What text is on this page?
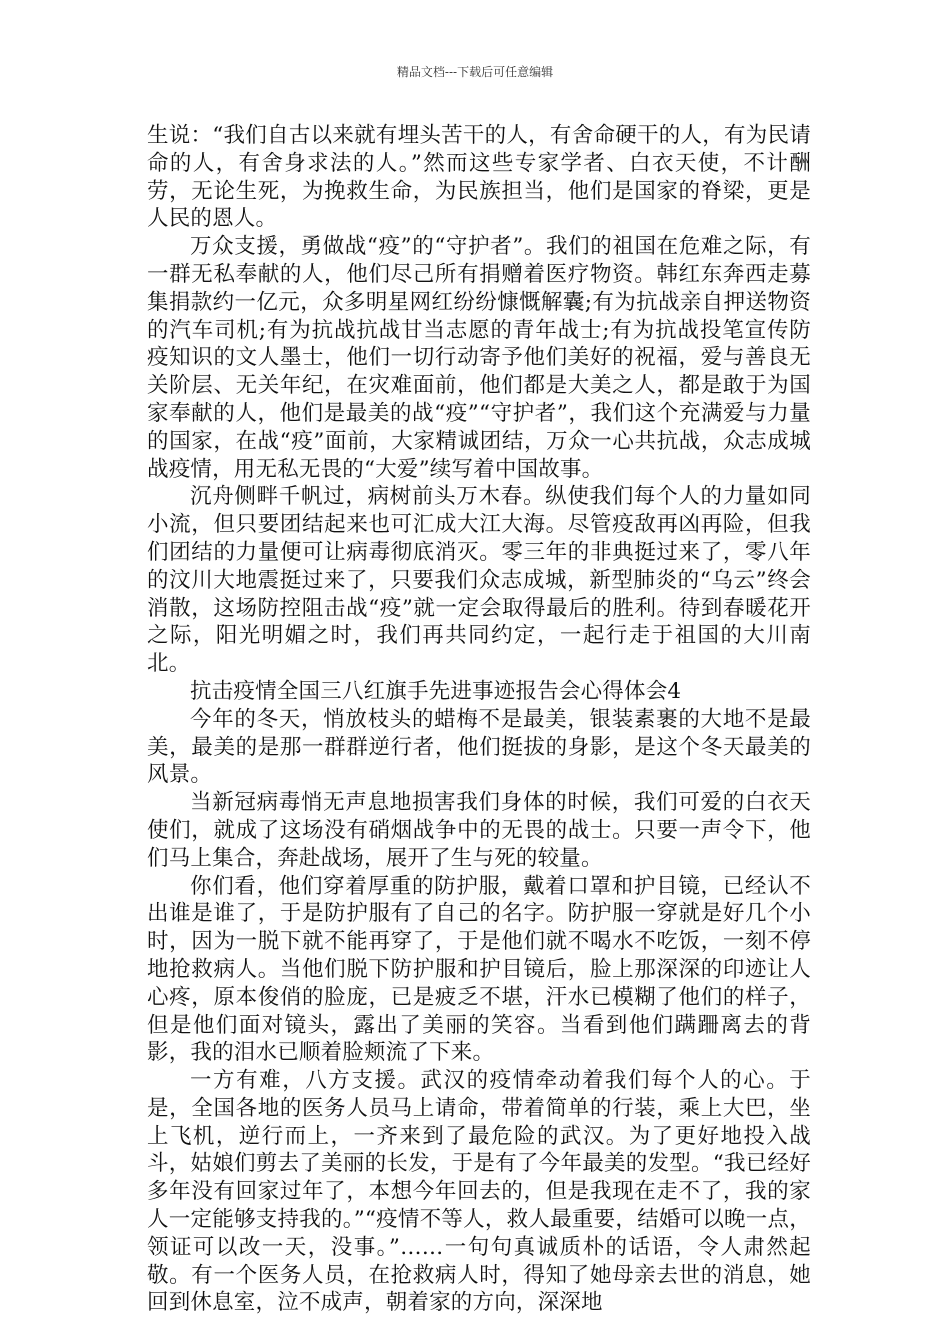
精品文档---下载后可任意编辑

生说：“我们自古以来就有埋头苦干的人，有舍命硬干的人，有为民请命的人，有舍身求法的人。”然而这些专家学者、白衣天使，不计酬劳，无论生死，为挽救生命，为民族担当，他们是国家的脊梁，更是人民的恩人。

万众支援，勇做战“疫”的“守护者”。我们的祖国在危难之际，有一群无私奉献的人，他们尽己所有捐赠着医疗物资。韩红东奔西走募集捐款约一亿元，众多明星网红纷纷慷慨解囊;有为抗战亲自押送物资的汽车司机;有为抗战抗战甘当志愿的青年战士;有为抗战投笔宣传防疫知识的文人墨士，他们一切行动寄予他们美好的祝福，爱与善良无关阶层、无关年纪，在灾难面前，他们都是大美之人，都是敢于为国家奉献的人，他们是最美的战“疫”“守护者”，我们这个充满爱与力量的国家，在战“疫”面前，大家精诚团结，万众一心共抗战，众志成城战疫情，用无私无畏的“大爱”续写着中国故事。

沉舟侧畔千帆过，病树前头万木春。纵使我们每个人的力量如同小流，但只要团结起来也可汇成大江大海。尽管疫敌再凶再险，但我们团结的力量便可让病毒彻底消灭。零三年的非典挺过来了，零八年的汶川大地震挺过来了，只要我们众志成城，新型肺炎的“乌云”终会消散，这场防控阻击战“疫”就一定会取得最后的胜利。待到春暖花开之际，阳光明媚之时，我们再共同约定，一起行走于祖国的大川南北。

抗击疫情全国三八红旗手先进事迹报告会心得体会4

今年的冬天，悄放枝头的蜡梅不是最美，银装素裹的大地不是最美，最美的是那一群群逆行者，他们挺拔的身影，是这个冬天最美的风景。

当新冠病毒悄无声息地损害我们身体的时候，我们可爱的白衣天使们，就成了这场没有硝烟战争中的无畏的战士。只要一声令下，他们马上集合，奔赴战场，展开了生与死的较量。

你们看，他们穿着厚重的防护服，戴着口罩和护目镜，已经认不出谁是谁了，于是防护服有了自己的名字。防护服一穿就是好几个小时，因为一脱下就不能再穿了，于是他们就不喝水不吃饭，一刻不停地抢救病人。当他们脱下防护服和护目镜后，脸上那深深的印迹让人心疼，原本俊俏的脸庞，已是疲乏不堪，汗水已模糊了他们的样子，但是他们面对镜头，露出了美丽的笑容。当看到他们蹒跚离去的背影，我的泪水已顺着脸颊流了下来。

一方有难，八方支援。武汉的疫情牵动着我们每个人的心。于是，全国各地的医务人员马上请命，带着简单的行装，乘上大巴，坐上飞机，逆行而上，一齐来到了最危险的武汉。为了更好地投入战斗，姑娘们剪去了美丽的长发，于是有了今年最美的发型。“我已经好多年没有回家过年了，本想今年回去的，但是我现在走不了，我的家人一定能够支持我的。”“疫情不等人，救人最重要，结婚可以晚一点，领证可以改一天，没事。”……一句句真诚质朴的话语，令人肃然起敬。有一个医务人员，在抢救病人时，得知了她母亲去世的消息，她回到休息室，泣不成声，朝着家的方向，深深地
